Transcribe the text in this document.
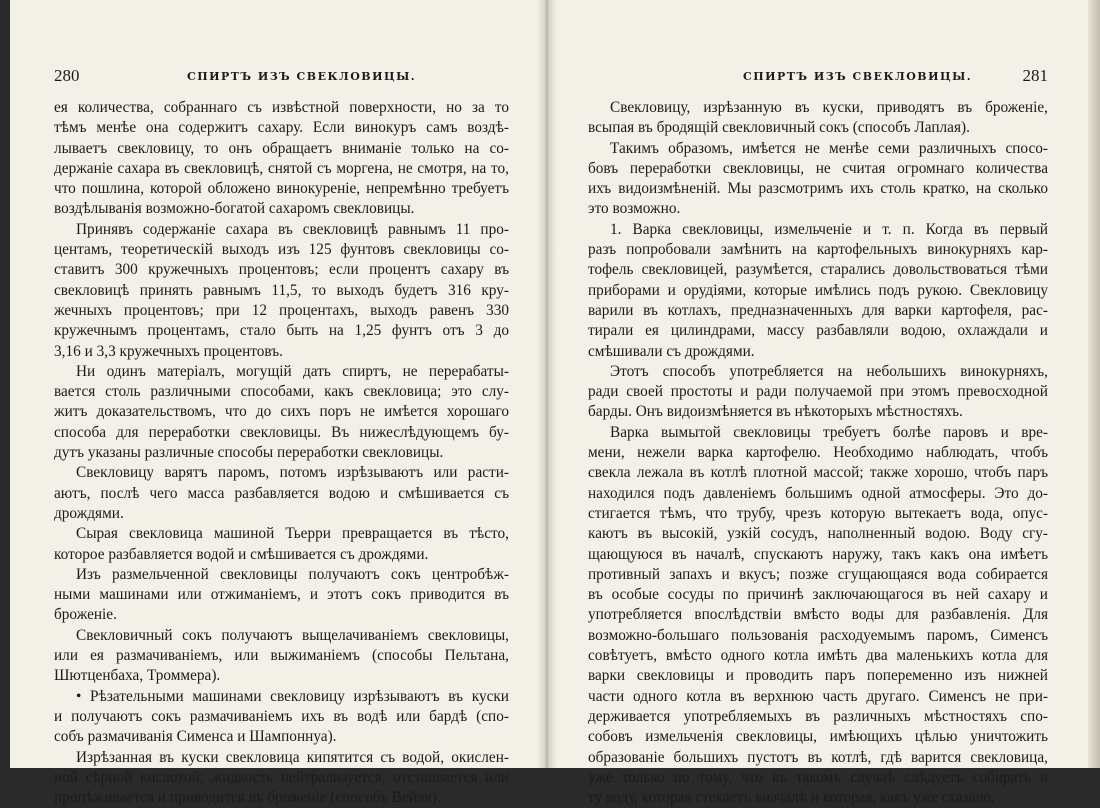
280	СПИРТЪ ИЗЪ СВЕКЛОВИЦЫ.
ея количества, собраннаго съ извѣстной поверхности, но за то
тѣмъ менѣе она содержитъ сахару. Если винокуръ самъ воздѣ-
лываетъ свекловицу, то онъ обращаетъ вниманіе только на со-
держаніе сахара въ свекловицѣ, снятой съ моргена, не смотря, на то,
что пошлина, которой обложено винокуреніе, непремѣнно требуетъ
воздѣлыванія возможно-богатой сахаромъ свекловицы.
Принявъ содержаніе сахара въ свекловицѣ равнымъ 11 про-
центамъ, теоретическій выходъ изъ 125 фунтовъ свекловицы со-
ставитъ 300 кружечныхъ процентовъ; если процентъ сахару въ
свекловицѣ принять равнымъ 11,5, то выходъ будетъ 316 кру-
жечныхъ процентовъ; при 12 процентахъ, выходъ равенъ 330
кружечнымъ процентамъ, стало быть на 1,25 фунтъ отъ 3 до
3,16 и 3,3 кружечныхъ процентовъ.
Ни одинъ матеріалъ, могущій дать спиртъ, не перерабаты-
вается столь различными способами, какъ свекловица; это слу-
житъ доказательствомъ, что до сихъ поръ не имѣется хорошаго
способа для переработки свекловицы. Въ нижеслѣдующемъ бу-
дутъ указаны различные способы переработки свекловицы.
Свекловицу варятъ паромъ, потомъ изрѣзываютъ или расти-
аютъ, послѣ чего масса разбавляется водою и смѣшивается съ
дрождями.
Сырая свекловица машиной Тьерри превращается въ тѣсто,
которое разбавляется водой и смѣшивается съ дрождями.
Изъ размельченной свекловицы получаютъ сокъ центробѣж-
ными машинами или отжиманіемъ, и этотъ сокъ приводится въ
броженіе.
Свекловичный сокъ получаютъ выщелачиваніемъ свекловицы,
или ея размачиваніемъ, или выжиманіемъ (способы Пельтана,
Шютценбаха, Троммера).
• Рѣзательными машинами свекловицу изрѣзываютъ въ куски
и получаютъ сокъ размачиваніемъ ихъ въ водѣ или бардѣ (спо-
собъ размачиванія Сименса и Шампоннуа).
Изрѣзанная въ куски свекловица кипятится съ водой, окислен-
ной сѣрной кислотой; жидкость нейтрализуется, отстаивается или
процѣживается и приводится въ броженіе (способъ Вейля).
СПИРТЪ ИЗЪ СВЕКЛОВИЦЫ.	281
Свекловицу, изрѣзанную въ куски, приводятъ въ броженіе,
всыпая въ бродящій свекловичный сокъ (способъ Лаплая).
Такимъ образомъ, имѣется не менѣе семи различныхъ спосо-
бовъ переработки свекловицы, не считая огромнаго количества
ихъ видоизмѣненій. Мы разсмотримъ ихъ столь кратко, на сколько
это возможно.
1. Варка свекловицы, измельченіе и т. п. Когда въ первый
разъ попробовали замѣнить на картофельныхъ винокурняхъ кар-
тофель свекловицей, разумѣется, старались довольствоваться тѣми
приборами и орудіями, которые имѣлись подъ рукою. Свекловицу
варили въ котлахъ, предназначенныхъ для варки картофеля, рас-
тирали ея цилиндрами, массу разбавляли водою, охлаждали и
смѣшивали съ дрождями.
Этотъ способъ употребляется на небольшихъ винокурняхъ,
ради своей простоты и ради получаемой при этомъ превосходной
барды. Онъ видоизмѣняется въ нѣкоторыхъ мѣстностяхъ.
Варка вымытой свекловицы требуетъ болѣе паровъ и вре-
мени, нежели варка картофелю. Необходимо наблюдать, чтобъ
свекла лежала въ котлѣ плотной массой; также хорошо, чтобъ паръ
находился подъ давленіемъ большимъ одной атмосферы. Это до-
стигается тѣмъ, что трубу, чрезъ которую вытекаетъ вода, опус-
каютъ въ высокій, узкій сосудъ, наполненный водою. Воду сгу-
щающуюся въ началѣ, спускаютъ наружу, такъ какъ она имѣетъ
противный запахъ и вкусъ; позже сгущающаяся вода собирается
въ особые сосуды по причинѣ заключающагося въ ней сахару и
употребляется впослѣдствіи вмѣсто воды для разбавленія. Для
возможно-большаго пользованія расходуемымъ паромъ, Сименсъ
совѣтуетъ, вмѣсто одного котла имѣть два маленькихъ котла для
варки свекловицы и проводить паръ попеременно изъ нижней
части одного котла въ верхнюю часть другаго. Сименсъ не при-
держивается употребляемыхъ въ различныхъ мѣстностяхъ спо-
собовъ измельченія свекловицы, имѣющихъ цѣлью уничтожить
образованіе большихъ пустотъ въ котлѣ, гдѣ варится свекловица,
уже только по тому, что въ такомъ случаѣ слѣдуетъ собирать и
ту воду, которая стекаетъ вначалѣ и которая, какъ уже сказано,
